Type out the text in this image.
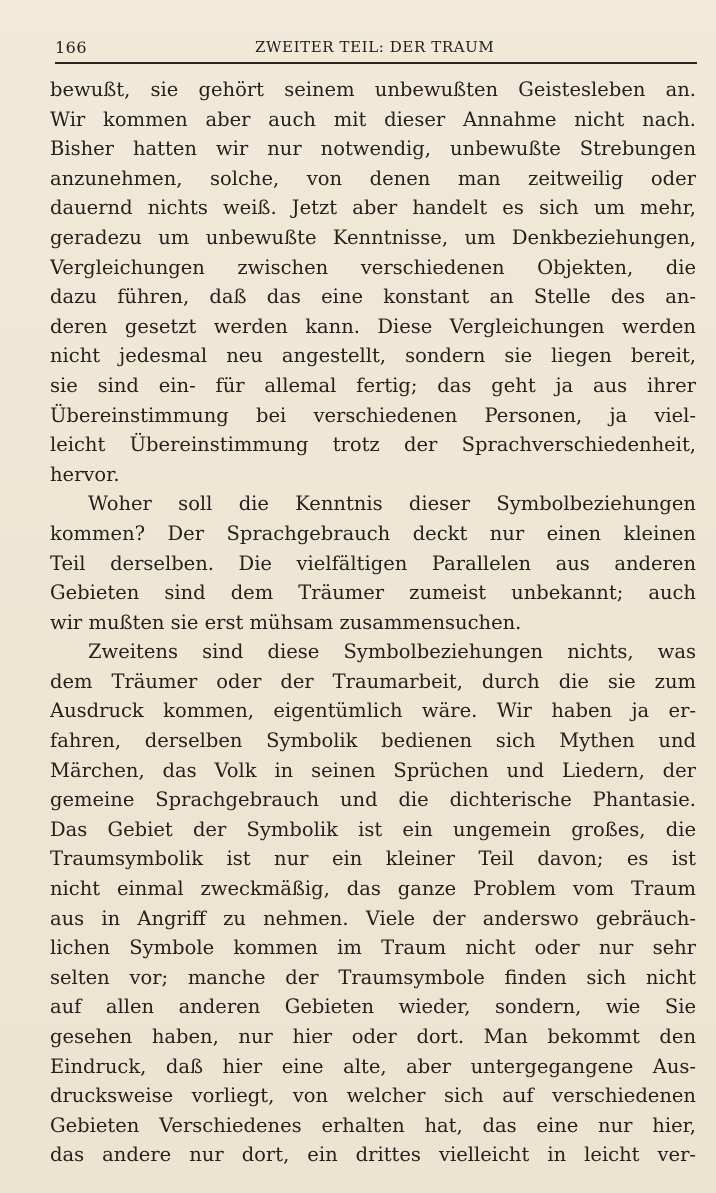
166	ZWEITER TEIL: DER TRAUM
bewußt, sie gehört seinem unbewußten Geistesleben an.
Wir kommen aber auch mit dieser Annahme nicht nach.
Bisher hatten wir nur notwendig, unbewußte Strebungen
anzunehmen, solche, von denen man zeitweilig oder
dauernd nichts weiß. Jetzt aber handelt es sich um mehr,
geradezu um unbewußte Kenntnisse, um Denkbeziehungen,
Vergleichungen zwischen verschiedenen Objekten, die
dazu führen, daß das eine konstant an Stelle des an-
deren gesetzt werden kann. Diese Vergleichungen werden
nicht jedesmal neu angestellt, sondern sie liegen bereit,
sie sind ein- für allemal fertig; das geht ja aus ihrer
Übereinstimmung bei verschiedenen Personen, ja viel-
leicht Übereinstimmung trotz der Sprachverschiedenheit,
hervor.
Woher soll die Kenntnis dieser Symbolbeziehungen
kommen? Der Sprachgebrauch deckt nur einen kleinen
Teil derselben. Die vielfältigen Parallelen aus anderen
Gebieten sind dem Träumer zumeist unbekannt; auch
wir mußten sie erst mühsam zusammensuchen.
Zweitens sind diese Symbolbeziehungen nichts, was
dem Träumer oder der Traumarbeit, durch die sie zum
Ausdruck kommen, eigentümlich wäre. Wir haben ja er-
fahren, derselben Symbolik bedienen sich Mythen und
Märchen, das Volk in seinen Sprüchen und Liedern, der
gemeine Sprachgebrauch und die dichterische Phantasie.
Das Gebiet der Symbolik ist ein ungemein großes, die
Traumsymbolik ist nur ein kleiner Teil davon; es ist
nicht einmal zweckmäßig, das ganze Problem vom Traum
aus in Angriff zu nehmen. Viele der anderswo gebräuch-
lichen Symbole kommen im Traum nicht oder nur sehr
selten vor; manche der Traumsymbole finden sich nicht
auf allen anderen Gebieten wieder, sondern, wie Sie
gesehen haben, nur hier oder dort. Man bekommt den
Eindruck, daß hier eine alte, aber untergegangene Aus-
drucksweise vorliegt, von welcher sich auf verschiedenen
Gebieten Verschiedenes erhalten hat, das eine nur hier,
das andere nur dort, ein drittes vielleicht in leicht ver-
